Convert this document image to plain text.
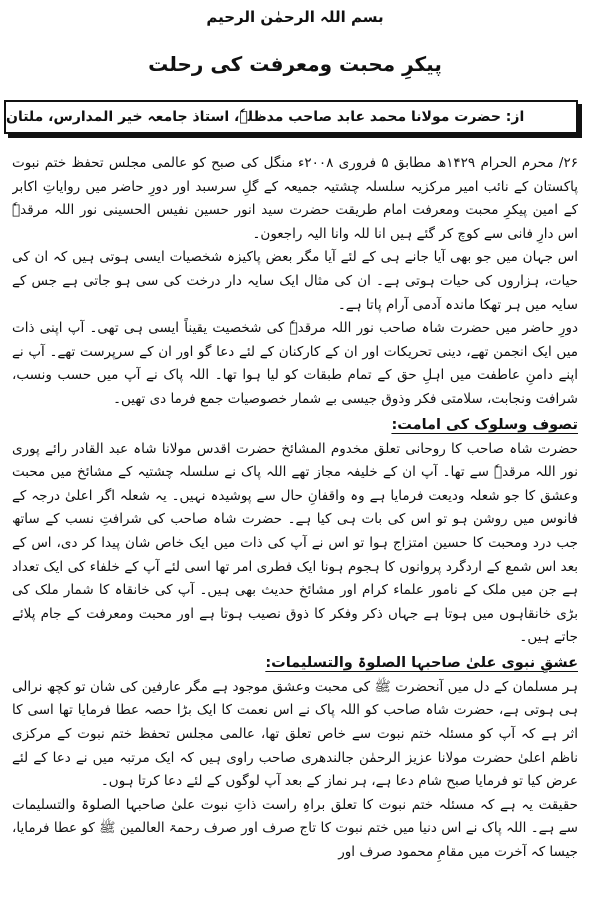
بسم اللہ الرحمٰن الرحیم
پیکرِ محبت ومعرفت کی رحلت
از: حضرت مولانا محمد عابد صاحب مدظلہٗ، استاذ جامعہ خیر المدارس، ملتان

۲۶/ محرم الحرام ۱۴۲۹ھ مطابق ۵ فروری ۲۰۰۸ء منگل کی صبح کو عالمی مجلس تحفظ ختم نبوت پاکستان کے نائب امیر مرکزیہ سلسلہ چشتیہ جمیعہ کے گلِ سرسبد اور دورِ حاضر میں روایاتِ اکابر کے امین پیکرِ محبت ومعرفت امام طریقت حضرت سید انور حسین نفیس الحسینی نور اللہ مرقدہٗ اس دارِ فانی سے کوچ کر گئے ہیں انا للہ وانا الیہ راجعون۔

اس جہان میں جو بھی آیا جانے ہی کے لئے آیا مگر بعض پاکیزہ شخصیات ایسی ہوتی ہیں کہ ان کی حیات، ہزاروں کی حیات ہوتی ہے۔ ان کی مثال ایک سایہ دار درخت کی سی ہو جاتی ہے جس کے سایہ میں ہر تھکا ماندہ آدمی آرام پاتا ہے۔

دورِ حاضر میں حضرت شاہ صاحب نور اللہ مرقدہٗ کی شخصیت یقیناً ایسی ہی تھی۔ آپ اپنی ذات میں ایک انجمن تھے، دینی تحریکات اور ان کے کارکنان کے لئے دعا گو اور ان کے سرپرست تھے۔ آپ نے اپنے دامنِ عاطفت میں اہلِ حق کے تمام طبقات کو لیا ہوا تھا۔ اللہ پاک نے آپ میں حسب ونسب، شرافت ونجابت، سلامتی فکر وذوق جیسی بے شمار خصوصیات جمع فرما دی تھیں۔

تصوف وسلوک کی امامت:

حضرت شاہ صاحب کا روحانی تعلق مخدوم المشائخ حضرت اقدس مولانا شاہ عبد القادر رائے پوری نور اللہ مرقدہٗ سے تھا۔ آپ ان کے خلیفہ مجاز تھے اللہ پاک نے سلسلہ چشتیہ کے مشائخ میں محبت وعشق کا جو شعلہ ودیعت فرمایا ہے وہ واقفانِ حال سے پوشیدہ نہیں۔ یہ شعلہ اگر اعلیٰ درجہ کے فانوس میں روشن ہو تو اس کی بات ہی کیا ہے۔ حضرت شاہ صاحب کی شرافتِ نسب کے ساتھ جب درد ومحبت کا حسین امتزاج ہوا تو اس نے آپ کی ذات میں ایک خاص شان پیدا کر دی، اس کے بعد اس شمع کے اردگرد پروانوں کا ہجوم ہونا ایک فطری امر تھا اسی لئے آپ کے خلفاء کی ایک تعداد ہے جن میں ملک کے نامور علماء کرام اور مشائخ حدیث بھی ہیں۔ آپ کی خانقاہ کا شمار ملک کی بڑی خانقاہوں میں ہوتا ہے جہاں ذکر وفکر کا ذوق نصیب ہوتا ہے اور محبت ومعرفت کے جام پلائے جاتے ہیں۔

عشقِ نبوی علیٰ صاحبہا الصلوۃ والتسلیمات:

ہر مسلمان کے دل میں آنحضرت ﷺ کی محبت وعشق موجود ہے مگر عارفین کی شان تو کچھ نرالی ہی ہوتی ہے، حضرت شاہ صاحب کو اللہ پاک نے اس نعمت کا ایک بڑا حصہ عطا فرمایا تھا اسی کا اثر ہے کہ آپ کو مسئلہ ختم نبوت سے خاص تعلق تھا، عالمی مجلس تحفظ ختم نبوت کے مرکزی ناظم اعلیٰ حضرت مولانا عزیز الرحمٰن جالندھری صاحب راوی ہیں کہ ایک مرتبہ میں نے دعا کے لئے عرض کیا تو فرمایا صبح شام دعا ہے، ہر نماز کے بعد آپ لوگوں کے لئے دعا کرتا ہوں۔

حقیقت یہ ہے کہ مسئلہ ختم نبوت کا تعلق براہِ راست ذاتِ نبوت علیٰ صاحبہا الصلوۃ والتسلیمات سے ہے۔ اللہ پاک نے اس دنیا میں ختم نبوت کا تاج صرف اور صرف رحمۃ العالمین ﷺ کو عطا فرمایا، جیسا کہ آخرت میں مقامِ محمود صرف اور
